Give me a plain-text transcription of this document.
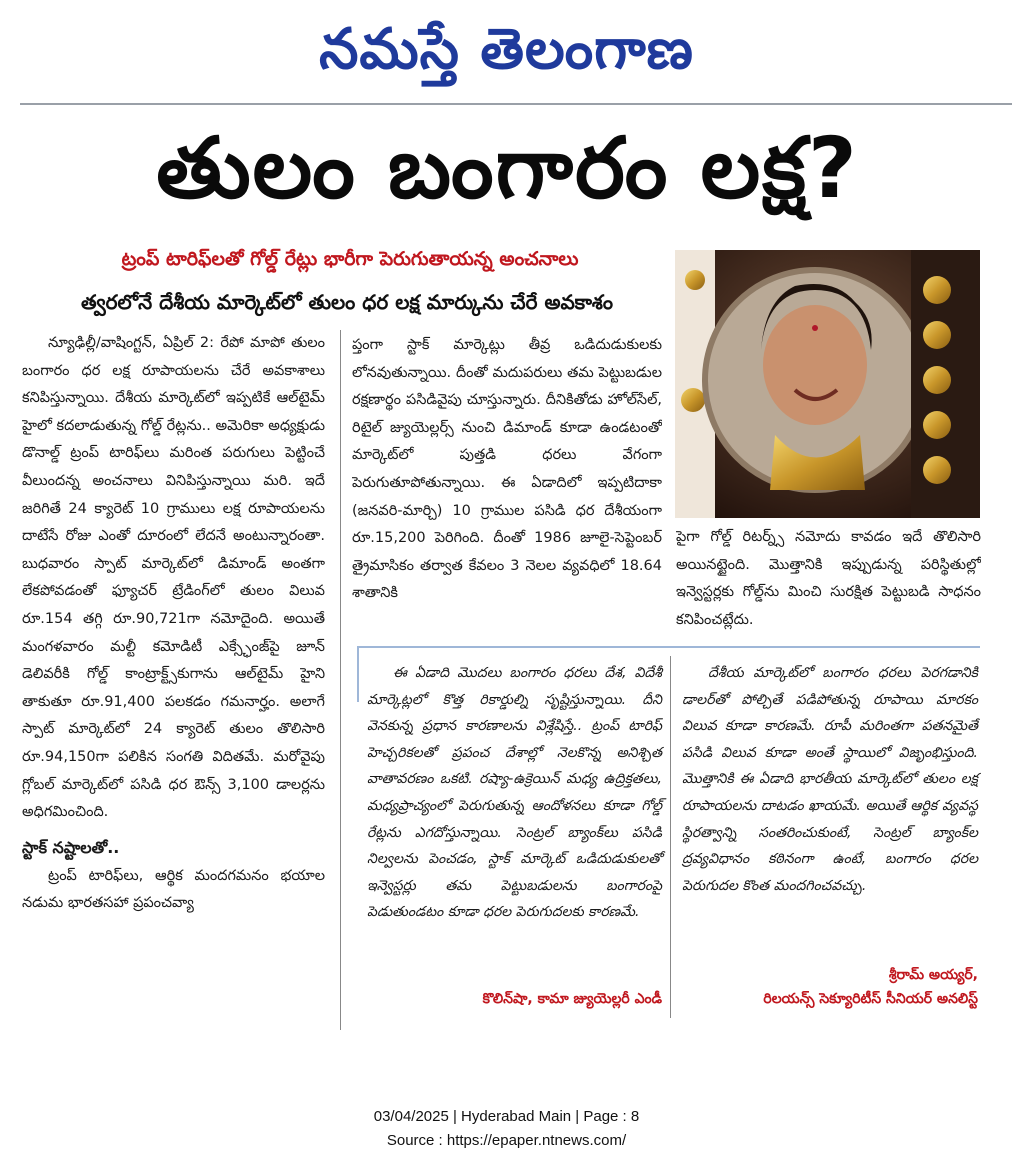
నమస్తే తెలంగాణ
తులం బంగారం లక్ష?
ట్రంప్ టారిఫ్‌లతో గోల్డ్ రేట్లు భారీగా పెరుగుతాయన్న అంచనాలు
త్వరలోనే దేశీయ మార్కెట్‌లో తులం ధర లక్ష మార్కును చేరే అవకాశం

న్యూఢిల్లీ/వాషింగ్టన్, ఏప్రిల్ 2: రేపో మాపో తులం బంగారం ధర లక్ష రూపాయలను చేరే అవకాశాలు కనిపిస్తున్నాయి. దేశీయ మార్కెట్‌లో ఇప్పటికే ఆల్‌టైమ్ హైలో కదలాడుతున్న గోల్డ్ రేట్లను.. అమెరికా అధ్యక్షుడు డొనాల్డ్ ట్రంప్ టారిఫ్‌లు మరింత పరుగులు పెట్టించే వీలుందన్న అంచనాలు వినిపిస్తున్నాయి మరి. ఇదే జరిగితే 24 క్యారెట్ 10 గ్రాములు లక్ష రూపాయలను దాటేసే రోజు ఎంతో దూరంలో లేదనే అంటున్నారంతా. బుధవారం స్పాట్ మార్కెట్‌లో డిమాండ్ అంతగా లేకపోవడంతో ఫ్యూచర్ ట్రేడింగ్‌లో తులం విలువ రూ.154 తగ్గి రూ.90,721గా నమోదైంది. అయితే మంగళవారం మల్టీ కమోడిటీ ఎక్స్ఛేంజ్‌పై జూన్ డెలివరీకి గోల్డ్ కాంట్రాక్ట్స్‌కుగాను ఆల్‌టైమ్ హైని తాకుతూ రూ.91,400 పలకడం గమనార్హం. అలాగే స్పాట్ మార్కెట్‌లో 24 క్యారెట్ తులం తొలిసారి రూ.94,150గా పలికిన సంగతి విదితమే. మరోవైపు గ్లోబల్ మార్కెట్‌లో పసిడి ధర ఔన్స్ 3,100 డాలర్లను అధిగమించింది.

స్టాక్ నష్టాలతో..

ట్రంప్ టారిఫ్‌లు, ఆర్థిక మందగమనం భయాల నడుమ భారతసహా ప్రపంచవ్యా

ప్తంగా స్టాక్ మార్కెట్లు తీవ్ర ఒడిదుడుకులకు లోనవుతున్నాయి. దీంతో మదుపరులు తమ పెట్టుబడుల రక్షణార్థం పసిడివైపు చూస్తున్నారు. దీనికితోడు హోల్‌సేల్, రిటైల్ జ్యుయెల్లర్స్ నుంచి డిమాండ్ కూడా ఉండటంతో మార్కెట్‌లో పుత్తడి ధరలు వేగంగా పెరుగుతూపోతున్నాయి. ఈ ఏడాదిలో ఇప్పటిదాకా (జనవరి-మార్చి) 10 గ్రాముల పసిడి ధర దేశీయంగా రూ.15,200 పెరిగింది. దీంతో 1986 జూలై-సెప్టెంబర్ త్రైమాసికం తర్వాత కేవలం 3 నెలల వ్యవధిలో 18.64 శాతానికి

పైగా గోల్డ్ రిటర్న్స్ నమోదు కావడం ఇదే తొలిసారి అయినట్టైంది. మొత్తానికి ఇప్పుడున్న పరిస్థితుల్లో ఇన్వెస్టర్లకు గోల్డ్‌ను మించి సురక్షిత పెట్టుబడి సాధనం కనిపించట్లేదు.

ఈ ఏడాది మొదలు బంగారం ధరలు దేశ, విదేశీ మార్కెట్లలో కొత్త రికార్డుల్ని సృష్టిస్తున్నాయి. దీని వెనకున్న ప్రధాన కారణాలను విశ్లేషిస్తే.. ట్రంప్ టారిఫ్ హెచ్చరికలతో ప్రపంచ దేశాల్లో నెలకొన్న అనిశ్చిత వాతావరణం ఒకటి. రష్యా-ఉక్రెయిన్ మధ్య ఉద్రిక్తతలు, మధ్యప్రాచ్యంలో పెరుగుతున్న ఆందోళనలు కూడా గోల్డ్ రేట్లను ఎగదోస్తున్నాయి. సెంట్రల్ బ్యాంక్‌లు పసిడి నిల్వలను పెంచడం, స్టాక్ మార్కెట్ ఒడిదుడుకులతో ఇన్వెస్టర్లు తమ పెట్టుబడులను బంగారంపై పెడుతుండటం కూడా ధరల పెరుగుదలకు కారణమే.

కొలిన్‌షా, కామా జ్యుయెల్లరీ ఎండీ

దేశీయ మార్కెట్‌లో బంగారం ధరలు పెరగడానికి డాలర్‌తో పోల్చితే పడిపోతున్న రూపాయి మారకం విలువ కూడా కారణమే. రూపీ మరింతగా పతనమైతే పసిడి విలువ కూడా అంతే స్థాయిలో విజృంభిస్తుంది. మొత్తానికి ఈ ఏడాది భారతీయ మార్కెట్‌లో తులం లక్ష రూపాయలను దాటడం ఖాయమే. అయితే ఆర్థిక వ్యవస్థ స్థిరత్వాన్ని సంతరించుకుంటే, సెంట్రల్ బ్యాంక్‌ల ద్రవ్యవిధానం కఠినంగా ఉంటే, బంగారం ధరల పెరుగుదల కొంత మందగించవచ్చు.

శ్రీరామ్ అయ్యర్,
రిలయన్స్ సెక్యూరిటీస్ సీనియర్ అనలిస్ట్
03/04/2025 | Hyderabad Main | Page : 8
Source : https://epaper.ntnews.com/
